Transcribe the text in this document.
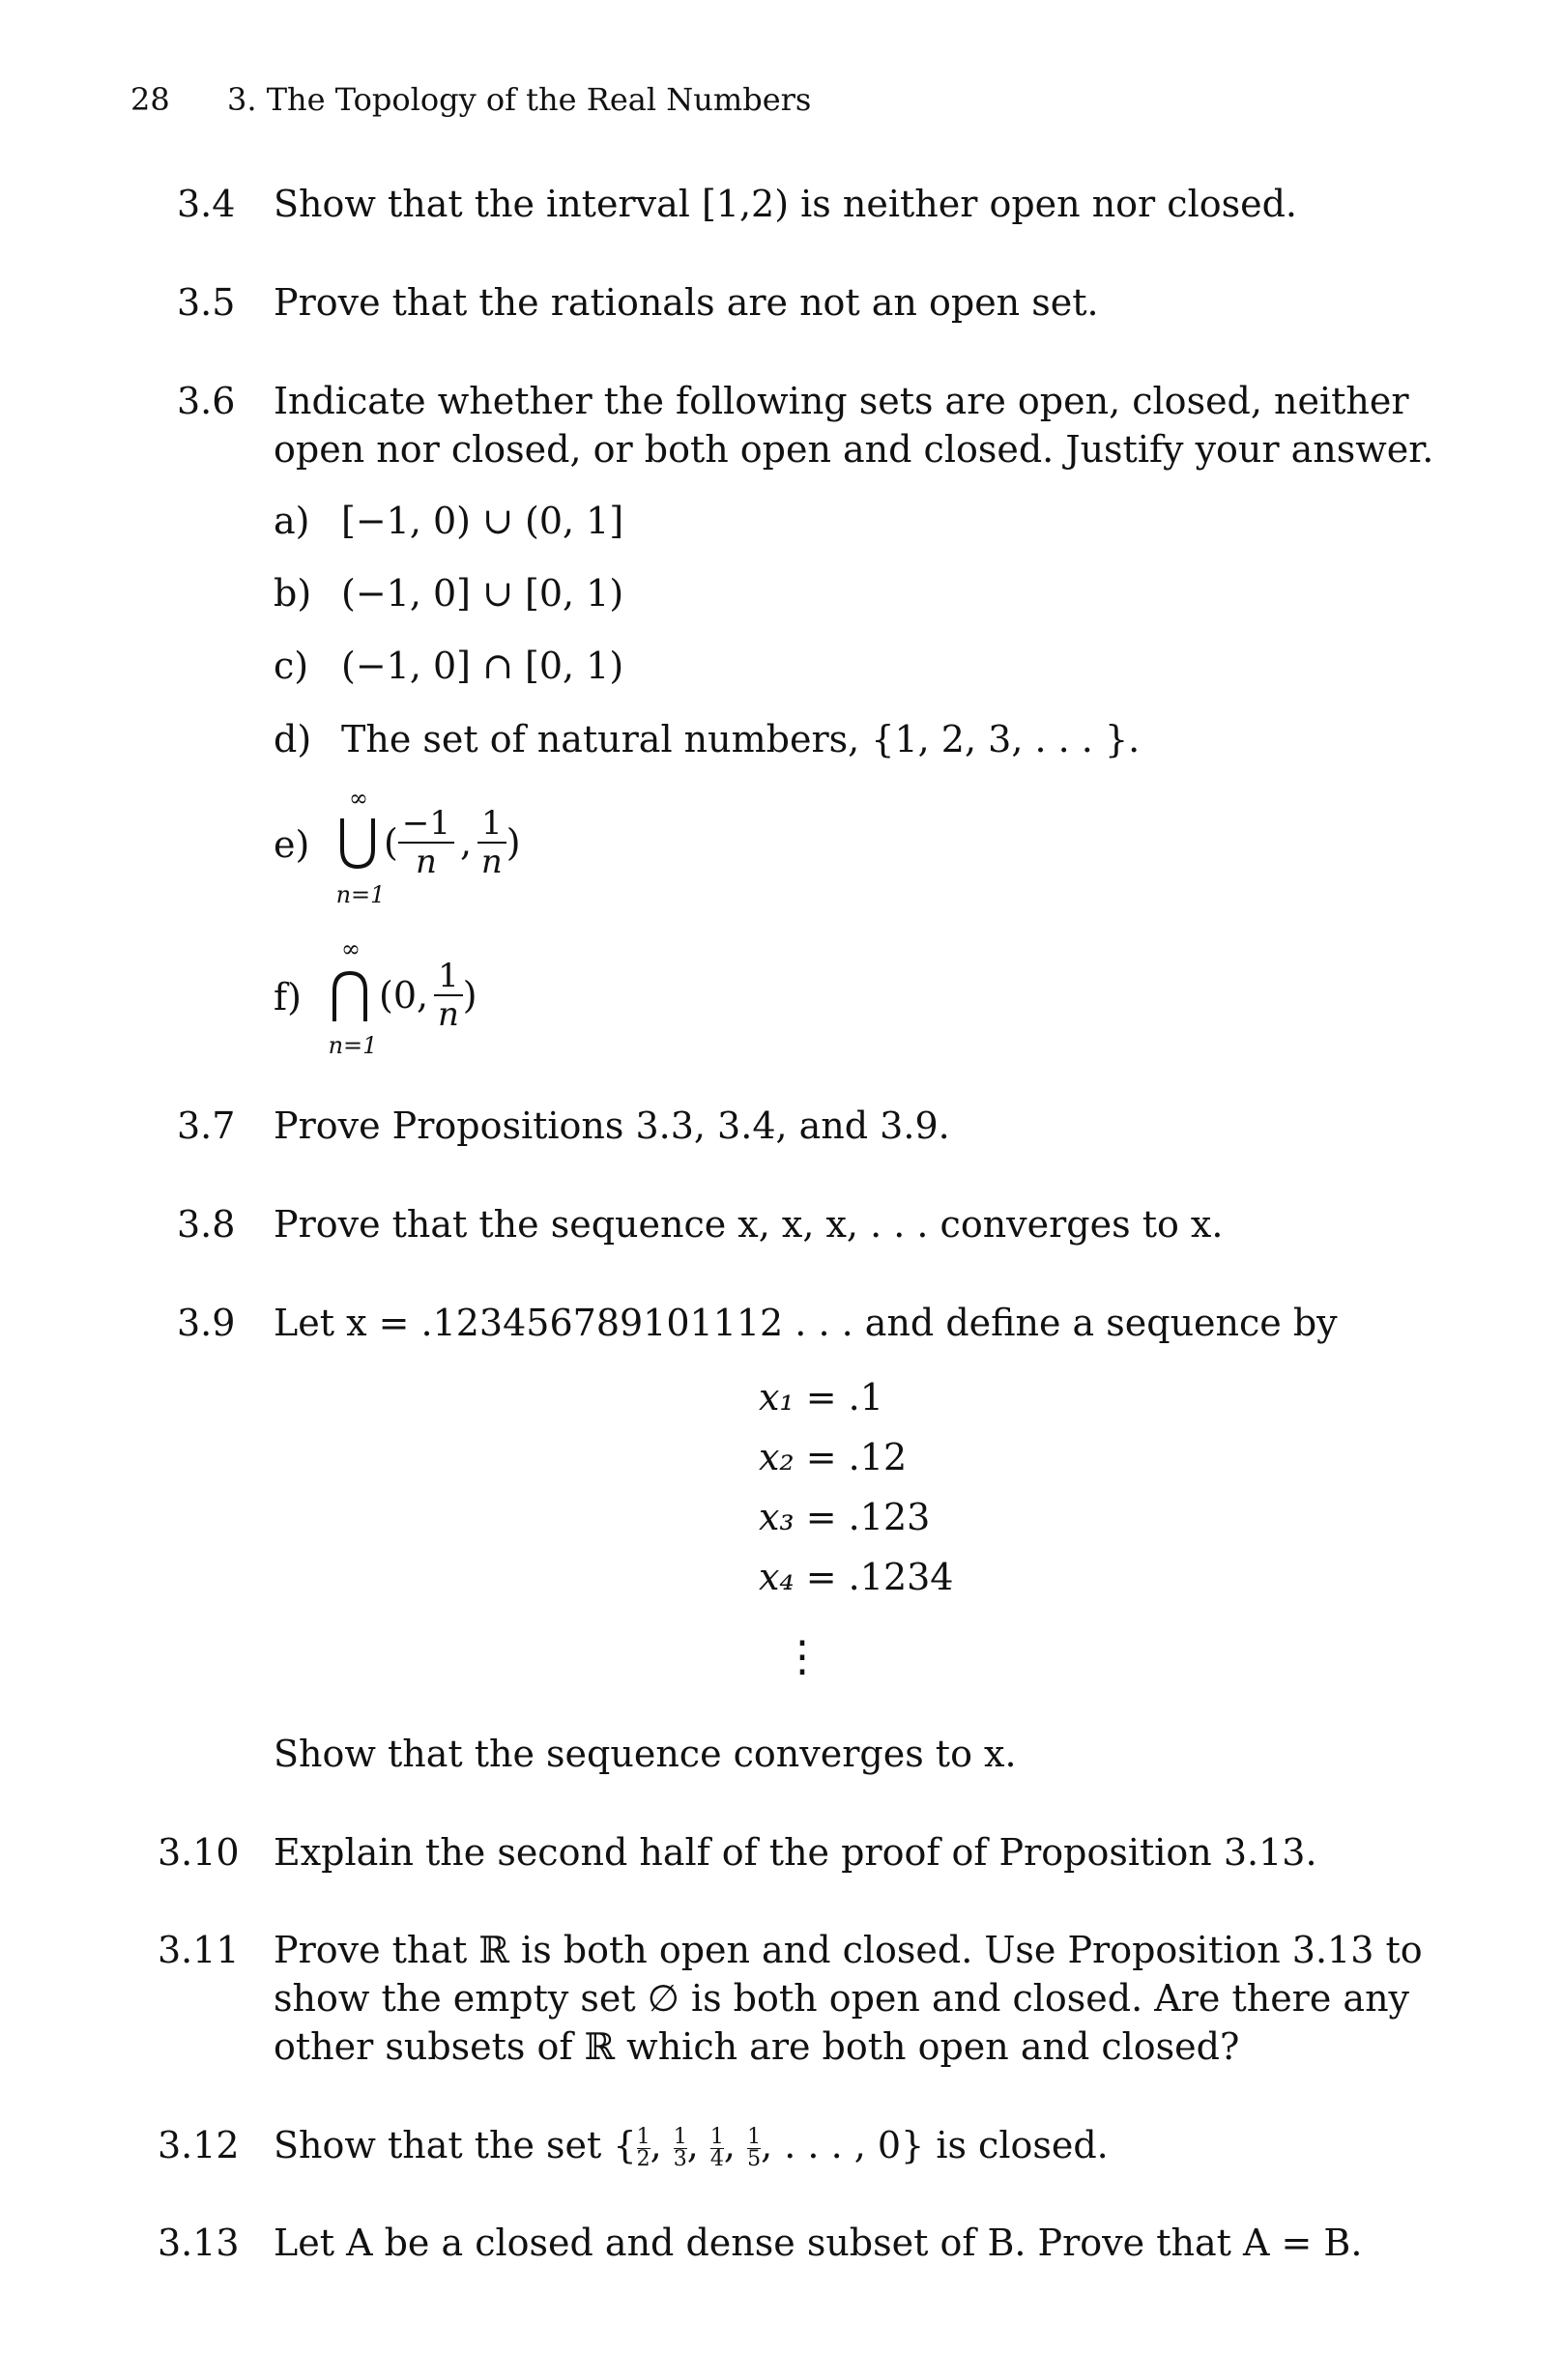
28 3. The Topology of the Real Numbers
3.4 Show that the interval [1,2) is neither open nor closed.
3.5 Prove that the rationals are not an open set.
3.6 Indicate whether the following sets are open, closed, neither open nor closed, or both open and closed. Justify your answer.
a) [−1, 0) ∪ (0, 1]
b) (−1, 0] ∪ [0, 1)
c) (−1, 0] ∩ [0, 1)
d) The set of natural numbers, {1, 2, 3, . . . }.
e)
∞
n=1
( $\frac{-1}{n}$ , $\frac{1}{n}$ )
f)
∞
n=1
(0, $\frac{1}{n}$ )
3.7 Prove Propositions 3.3, 3.4, and 3.9.
3.8 Prove that the sequence x, x, x, . . . converges to x.
3.9 Let x = .123456789101112 . . . and define a sequence by
x₁ = .1
x₂ = .12
x₃ = .123
x₄ = .1234
⋮
Show that the sequence converges to x.
3.10 Explain the second half of the proof of Proposition 3.13.
3.11 Prove that ℝ is both open and closed. Use Proposition 3.13 to show the empty set ∅ is both open and closed. Are there any other subsets of ℝ which are both open and closed?
3.12 Show that the set { $\frac{1}{2}$ , $\frac{1}{3}$ , $\frac{1}{4}$ , $\frac{1}{5}$ , . . . , 0} is closed.
3.13 Let A be a closed and dense subset of B. Prove that A = B.
